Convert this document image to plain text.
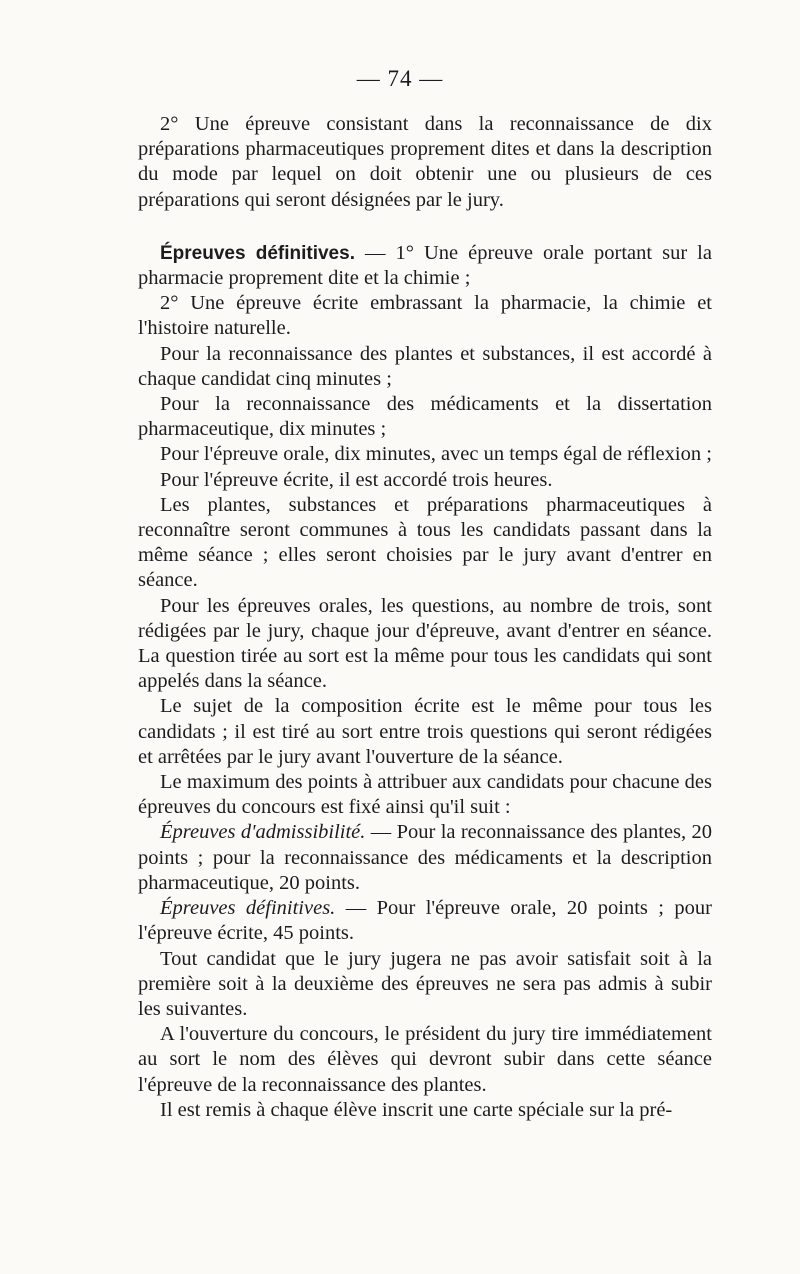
— 74 —

2° Une épreuve consistant dans la reconnaissance de dix préparations pharmaceutiques proprement dites et dans la description du mode par lequel on doit obtenir une ou plusieurs de ces préparations qui seront désignées par le jury.

Épreuves définitives. — 1° Une épreuve orale portant sur la pharmacie proprement dite et la chimie ;

2° Une épreuve écrite embrassant la pharmacie, la chimie et l'histoire naturelle.

Pour la reconnaissance des plantes et substances, il est accordé à chaque candidat cinq minutes ;

Pour la reconnaissance des médicaments et la dissertation pharmaceutique, dix minutes ;

Pour l'épreuve orale, dix minutes, avec un temps égal de réflexion ;

Pour l'épreuve écrite, il est accordé trois heures.

Les plantes, substances et préparations pharmaceutiques à reconnaître seront communes à tous les candidats passant dans la même séance ; elles seront choisies par le jury avant d'entrer en séance.

Pour les épreuves orales, les questions, au nombre de trois, sont rédigées par le jury, chaque jour d'épreuve, avant d'entrer en séance. La question tirée au sort est la même pour tous les candidats qui sont appelés dans la séance.

Le sujet de la composition écrite est le même pour tous les candidats ; il est tiré au sort entre trois questions qui seront rédigées et arrêtées par le jury avant l'ouverture de la séance.

Le maximum des points à attribuer aux candidats pour chacune des épreuves du concours est fixé ainsi qu'il suit :

Épreuves d'admissibilité. — Pour la reconnaissance des plantes, 20 points ; pour la reconnaissance des médicaments et la description pharmaceutique, 20 points.

Épreuves définitives. — Pour l'épreuve orale, 20 points ; pour l'épreuve écrite, 45 points.

Tout candidat que le jury jugera ne pas avoir satisfait soit à la première soit à la deuxième des épreuves ne sera pas admis à subir les suivantes.

A l'ouverture du concours, le président du jury tire immédiatement au sort le nom des élèves qui devront subir dans cette séance l'épreuve de la reconnaissance des plantes.

Il est remis à chaque élève inscrit une carte spéciale sur la pré-
